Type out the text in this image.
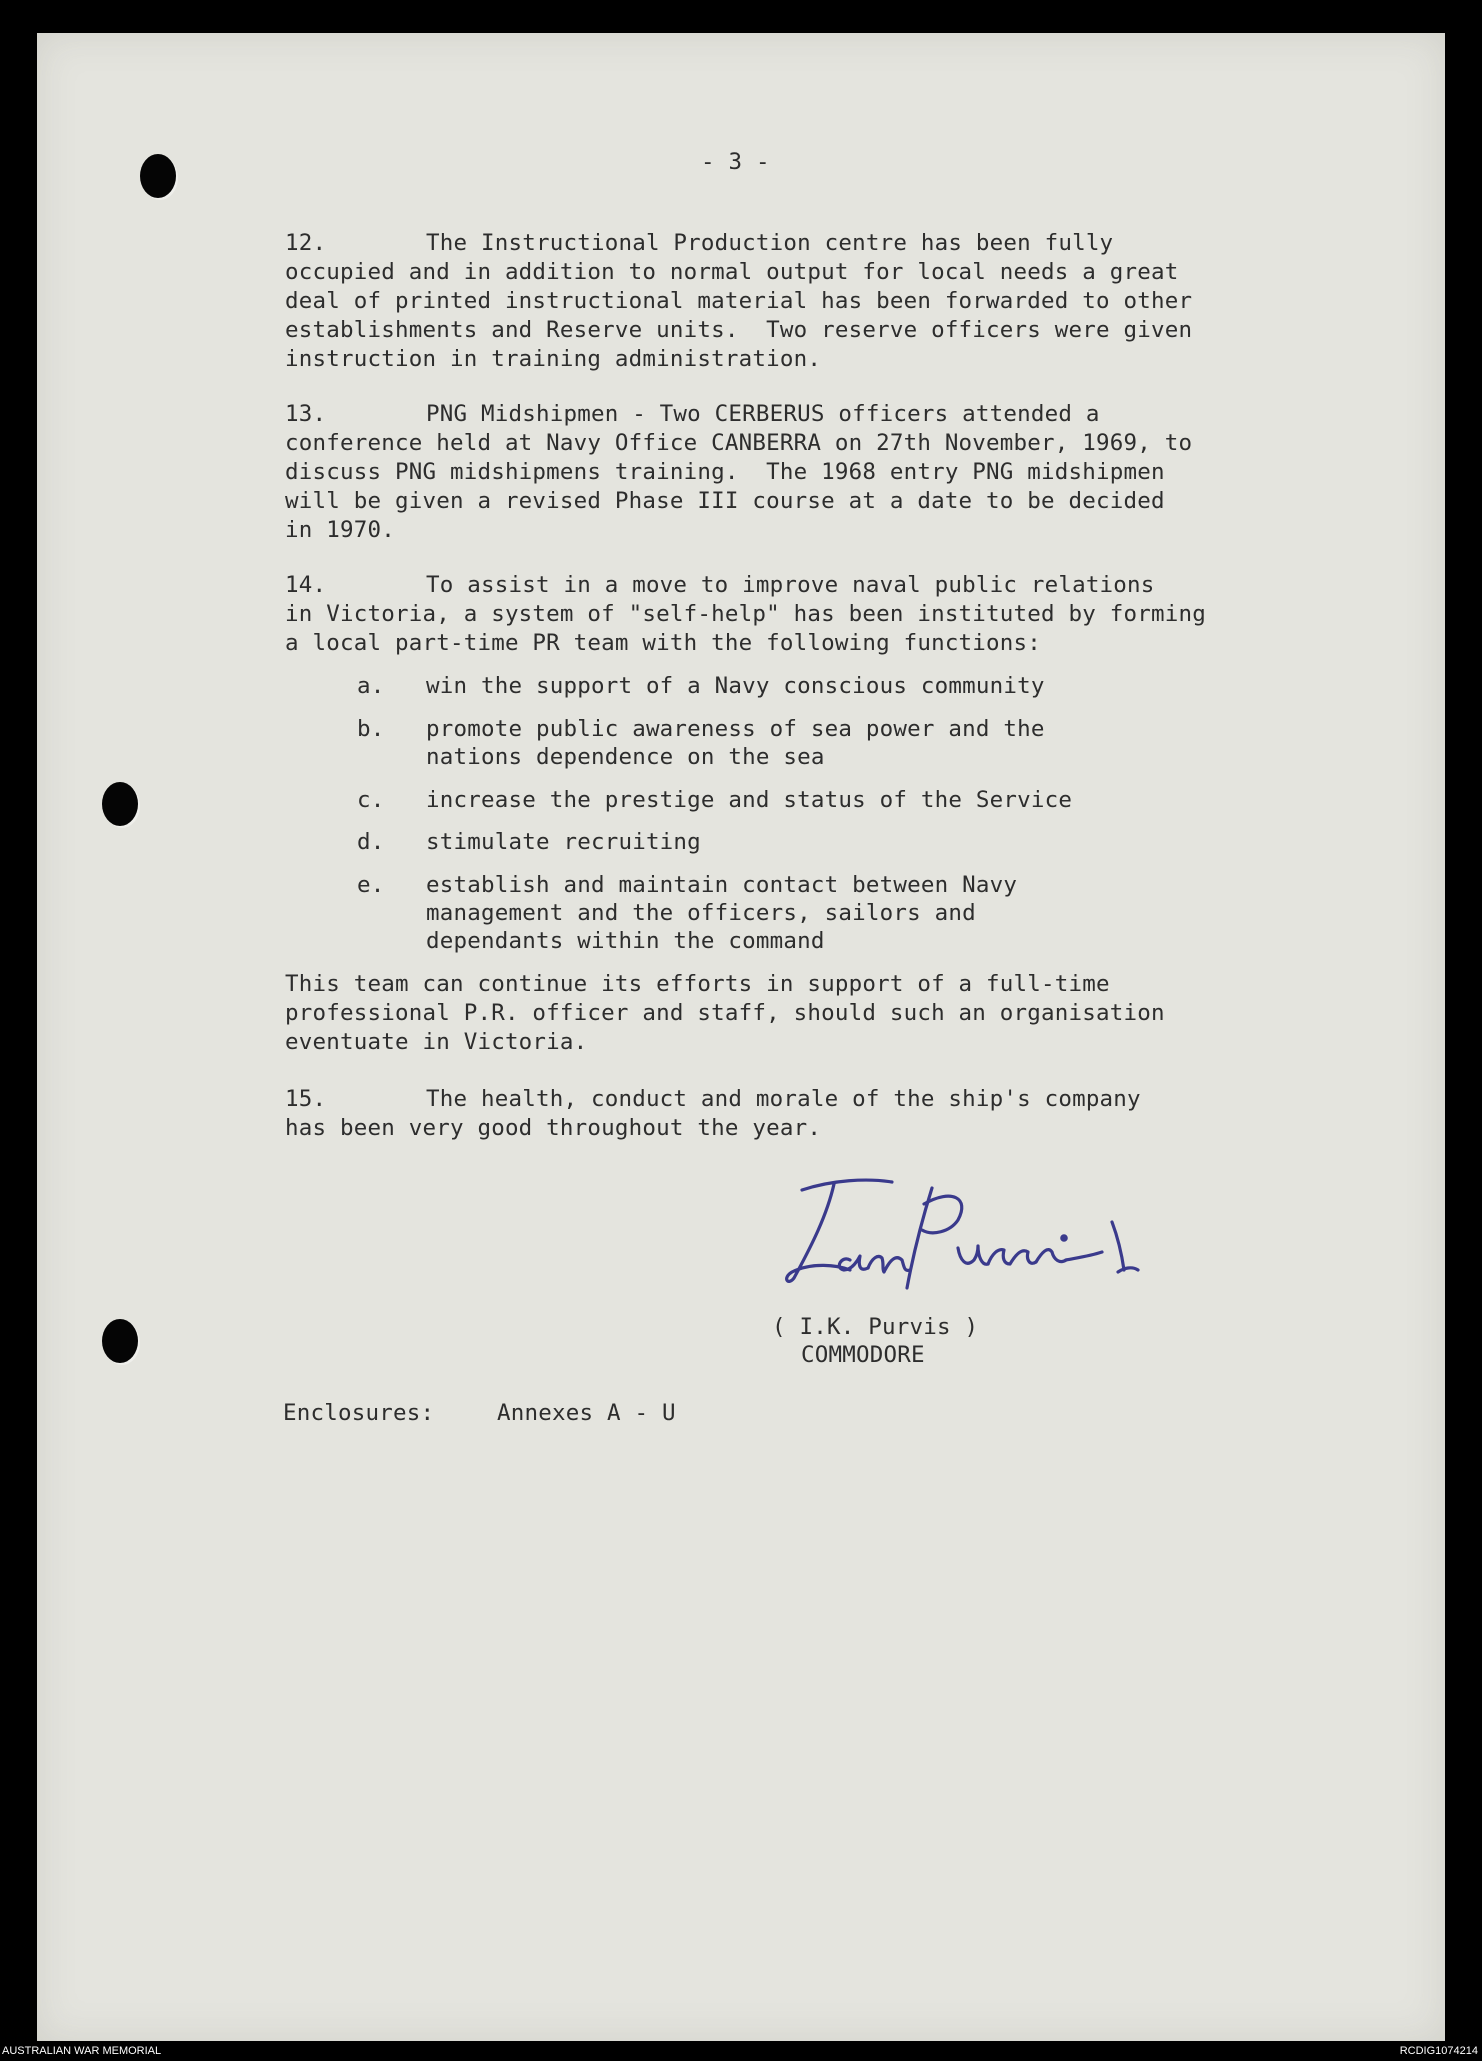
- 3 -
12.	The Instructional Production centre has been fully
occupied and in addition to normal output for local needs a great
deal of printed instructional material has been forwarded to other
establishments and Reserve units.  Two reserve officers were given
instruction in training administration.
13.	PNG Midshipmen - Two CERBERUS officers attended a
conference held at Navy Office CANBERRA on 27th November, 1969, to
discuss PNG midshipmens training.  The 1968 entry PNG midshipmen
will be given a revised Phase III course at a date to be decided
in 1970.
14.	To assist in a move to improve naval public relations
in Victoria, a system of "self-help" has been instituted by forming
a local part-time PR team with the following functions:
a. win the support of a Navy conscious community
b. promote public awareness of sea power and the
nations dependence on the sea
c. increase the prestige and status of the Service
d. stimulate recruiting
e. establish and maintain contact between Navy
management and the officers, sailors and
dependants within the command
This team can continue its efforts in support of a full-time
professional P.R. officer and staff, should such an organisation
eventuate in Victoria.
15.	The health, conduct and morale of the ship's company
has been very good throughout the year.
( I.K. Purvis )
COMMODORE
Enclosures:	Annexes A - U
AUSTRALIAN WAR MEMORIAL	RCDIG1074214
